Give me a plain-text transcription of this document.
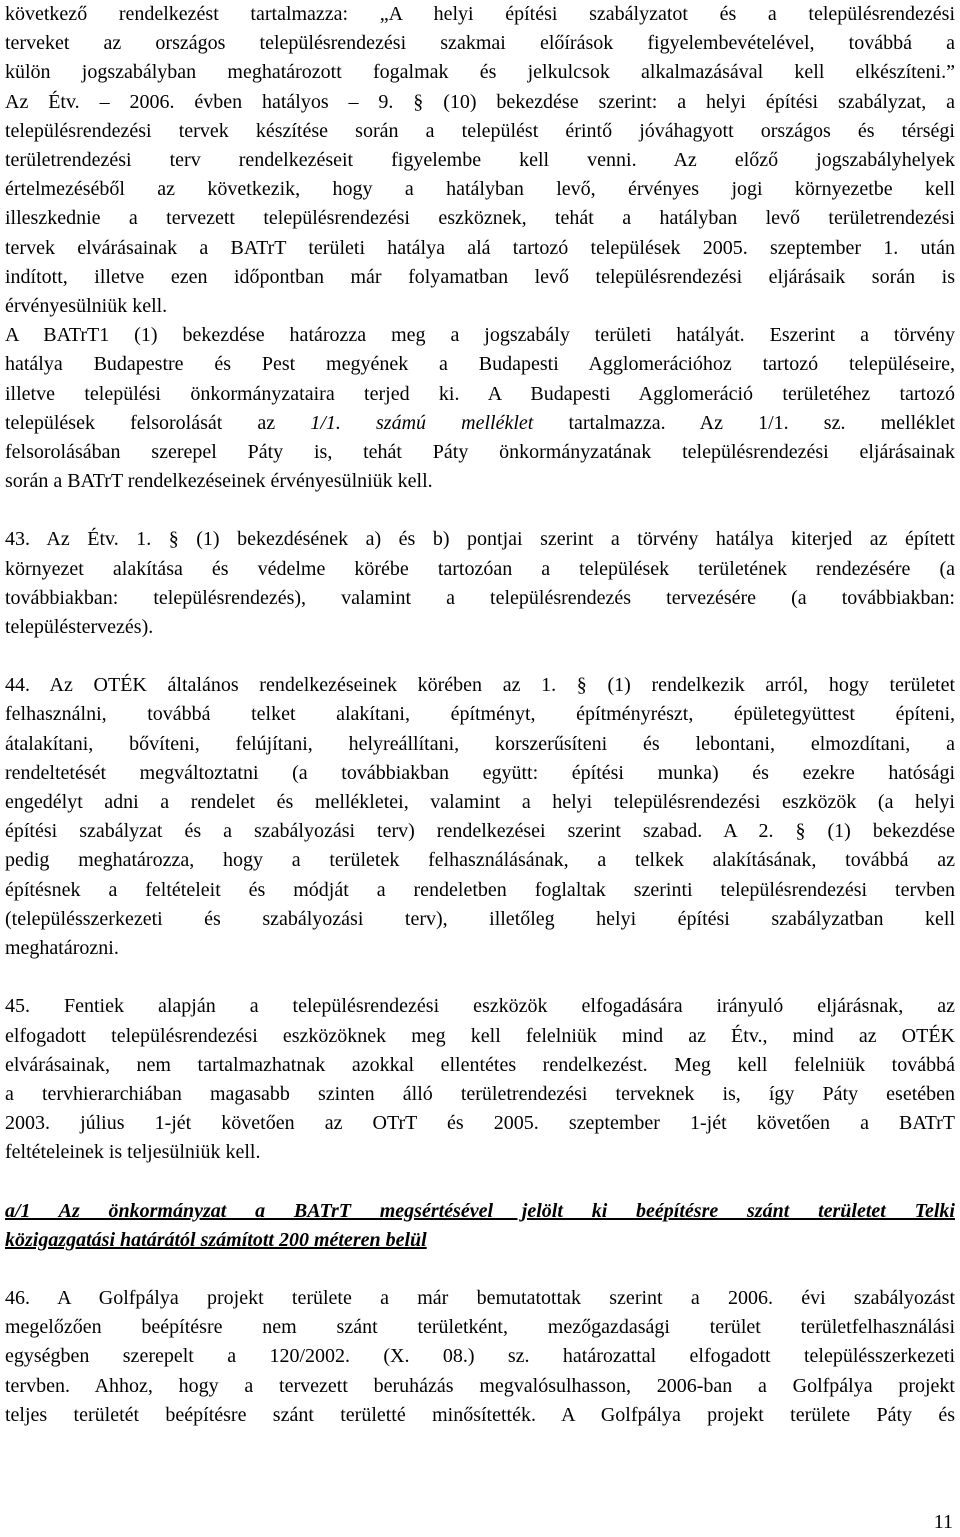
következő rendelkezést tartalmazza: „A helyi építési szabályzatot és a településrendezési
terveket az országos településrendezési szakmai előírások figyelembevételével, továbbá a
külön jogszabályban meghatározott fogalmak és jelkulcsok alkalmazásával kell elkészíteni.”
Az Étv. – 2006. évben hatályos – 9. § (10) bekezdése szerint: a helyi építési szabályzat, a
településrendezési tervek készítése során a települést érintő jóváhagyott országos és térségi
területrendezési terv rendelkezéseit figyelembe kell venni. Az előző jogszabályhelyek
értelmezéséből az következik, hogy a hatályban levő, érvényes jogi környezetbe kell
illeszkednie a tervezett településrendezési eszköznek, tehát a hatályban levő területrendezési
tervek elvárásainak a BATrT területi hatálya alá tartozó települések 2005. szeptember 1. után
indított, illetve ezen időpontban már folyamatban levő településrendezési eljárásaik során is
érvényesülniük kell.
A BATrT1 (1) bekezdése határozza meg a jogszabály területi hatályát. Eszerint a törvény
hatálya Budapestre és Pest megyének a Budapesti Agglomerációhoz tartozó településeire,
illetve települési önkormányzataira terjed ki. A Budapesti Agglomeráció területéhez tartozó
települések felsorolását az 1/1. számú melléklet tartalmazza. Az 1/1. sz. melléklet
felsorolásában szerepel Páty is, tehát Páty önkormányzatának településrendezési eljárásainak
során a BATrT rendelkezéseinek érvényesülniük kell.
43. Az Étv. 1. § (1) bekezdésének a) és b) pontjai szerint a törvény hatálya kiterjed az épített
környezet alakítása és védelme körébe tartozóan a települések területének rendezésére (a
továbbiakban: településrendezés), valamint a településrendezés tervezésére (a továbbiakban:
településtervezés).
44. Az OTÉK általános rendelkezéseinek körében az 1. § (1) rendelkezik arról, hogy területet
felhasználni, továbbá telket alakítani, építményt, építményrészt, épületegyüttest építeni,
átalakítani, bővíteni, felújítani, helyreállítani, korszerűsíteni és lebontani, elmozdítani, a
rendeltetését megváltoztatni (a továbbiakban együtt: építési munka) és ezekre hatósági
engedélyt adni a rendelet és mellékletei, valamint a helyi településrendezési eszközök (a helyi
építési szabályzat és a szabályozási terv) rendelkezései szerint szabad. A 2. § (1) bekezdése
pedig meghatározza, hogy a területek felhasználásának, a telkek alakításának, továbbá az
építésnek a feltételeit és módját a rendeletben foglaltak szerinti településrendezési tervben
(településszerkezeti és szabályozási terv), illetőleg helyi építési szabályzatban kell
meghatározni.
45. Fentiek alapján a településrendezési eszközök elfogadására irányuló eljárásnak, az
elfogadott településrendezési eszközöknek meg kell felelniük mind az Étv., mind az OTÉK
elvárásainak, nem tartalmazhatnak azokkal ellentétes rendelkezést. Meg kell felelniük továbbá
a tervhierarchiában magasabb szinten álló területrendezési terveknek is, így Páty esetében
2003. július 1-jét követően az OTrT és 2005. szeptember 1-jét követően a BATrT
feltételeinek is teljesülniük kell.
a/1 Az önkormányzat a BATrT megsértésével jelölt ki beépítésre szánt területet Telki
közigazgatási határától számított 200 méteren belül
46. A Golfpálya projekt területe a már bemutatottak szerint a 2006. évi szabályozást
megelőzően beépítésre nem szánt területként, mezőgazdasági terület területfelhasználási
egységben szerepelt a 120/2002. (X. 08.) sz. határozattal elfogadott településszerkezeti
tervben. Ahhoz, hogy a tervezett beruházás megvalósulhasson, 2006-ban a Golfpálya projekt
teljes területét beépítésre szánt területté minősítették. A Golfpálya projekt területe Páty és
11
